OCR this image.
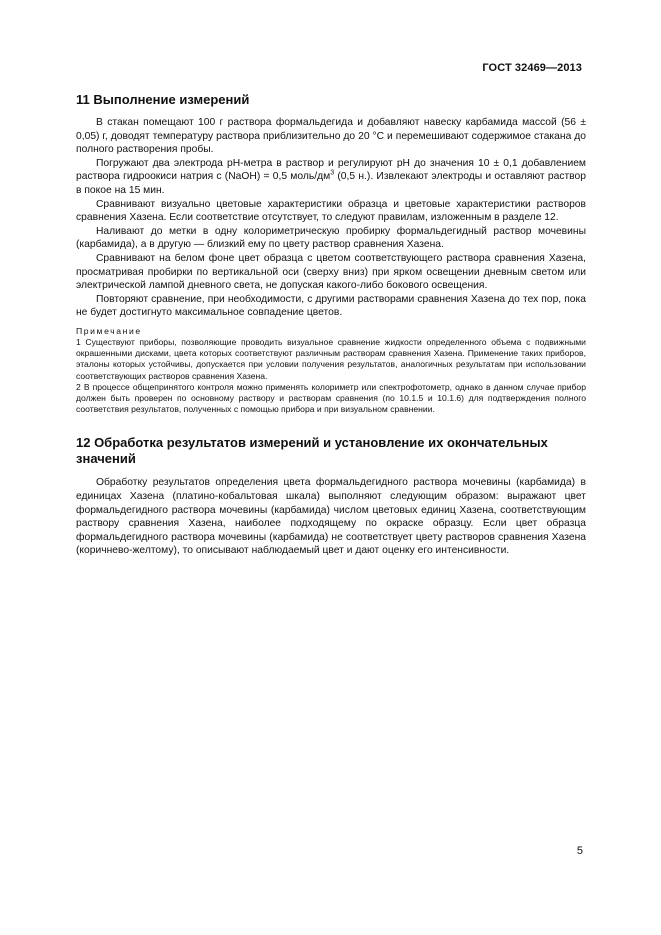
ГОСТ 32469—2013
11 Выполнение измерений

В стакан помещают 100 г раствора формальдегида и добавляют навеску карбамида массой (56 ± 0,05) г, доводят температуру раствора приблизительно до 20 °С и перемешивают содержимое стакана до полного растворения пробы.

Погружают два электрода pH-метра в раствор и регулируют pH до значения 10 ± 0,1 добавлением раствора гидроокиси натрия c (NaOH) = 0,5 моль/$дм^3$ (0,5 н.). Извлекают электроды и оставляют раствор в покое на 15 мин.

Сравнивают визуально цветовые характеристики образца и цветовые характеристики растворов сравнения Хазена. Если соответствие отсутствует, то следуют правилам, изложенным в разделе 12.

Наливают до метки в одну колориметрическую пробирку формальдегидный раствор мочевины (карбамида), а в другую — близкий ему по цвету раствор сравнения Хазена.

Сравнивают на белом фоне цвет образца с цветом соответствующего раствора сравнения Хазена, просматривая пробирки по вертикальной оси (сверху вниз) при ярком освещении дневным светом или электрической лампой дневного света, не допуская какого-либо бокового освещения.

Повторяют сравнение, при необходимости, с другими растворами сравнения Хазена до тех пор, пока не будет достигнуто максимальное совпадение цветов.

Примечание

1 Существуют приборы, позволяющие проводить визуальное сравнение жидкости определенного объема с подвижными окрашенными дисками, цвета которых соответствуют различным растворам сравнения Хазена. Применение таких приборов, эталоны которых устойчивы, допускается при условии получения результатов, аналогичных результатам при использовании соответствующих растворов сравнения Хазена.

2 В процессе общепринятого контроля можно применять колориметр или спектрофотометр, однако в данном случае прибор должен быть проверен по основному раствору и растворам сравнения (по 10.1.5 и 10.1.6) для подтверждения полного соответствия результатов, полученных с помощью прибора и при визуальном сравнении.

12 Обработка результатов измерений и установление их окончательных значений

Обработку результатов определения цвета формальдегидного раствора мочевины (карбамида) в единицах Хазена (платино-кобальтовая шкала) выполняют следующим образом: выражают цвет формальдегидного раствора мочевины (карбамида) числом цветовых единиц Хазена, соответствующим раствору сравнения Хазена, наиболее подходящему по окраске образцу. Если цвет образца формальдегидного раствора мочевины (карбамида) не соответствует цвету растворов сравнения Хазена (коричнево-желтому), то описывают наблюдаемый цвет и дают оценку его интенсивности.

5
